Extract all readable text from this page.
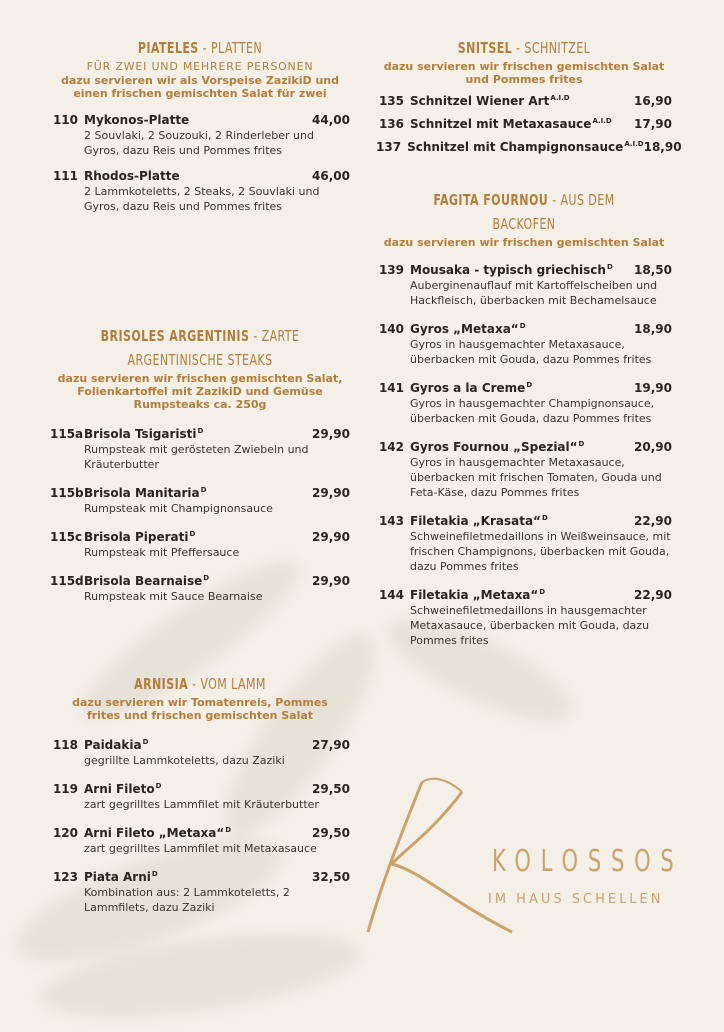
PIATELES - PLATTEN
FÜR ZWEI UND MEHRERE PERSONEN
dazu servieren wir als Vorspeise ZazikiD und einen frischen gemischten Salat für zwei
110 Mykonos-Platte	44,00
2 Souvlaki, 2 Souzouki, 2 Rinderleber und Gyros, dazu Reis und Pommes frites
111 Rhodos-Platte	46,00
2 Lammkoteletts, 2 Steaks, 2 Souvlaki und Gyros, dazu Reis und Pommes frites
BRISOLES ARGENTINIS - ZARTE
ARGENTINISCHE STEAKS
dazu servieren wir frischen gemischten Salat, Folienkartoffel mit ZazikiD und Gemüse
Rumpsteaks ca. 250g
115a Brisola Tsigaristi$^D$	29,90
Rumpsteak mit gerösteten Zwiebeln und Kräuterbutter
115b Brisola Manitaria$^D$	29,90
Rumpsteak mit Champignonsauce
115c Brisola Piperati$^D$	29,90
Rumpsteak mit Pfeffersauce
115d Brisola Bearnaise$^D$	29,90
Rumpsteak mit Sauce Bearnaise
ARNISIA - VOM LAMM
dazu servieren wir Tomatenreis, Pommes frites und frischen gemischten Salat
118 Paidakia$^D$	27,90
gegrillte Lammkoteletts, dazu Zaziki
119 Arni Fileto$^D$	29,50
zart gegrilltes Lammfilet mit Kräuterbutter
120 Arni Fileto „Metaxa“$^D$	29,50
zart gegrilltes Lammfilet mit Metaxasauce
123 Piata Arni$^D$	32,50
Kombination aus: 2 Lammkoteletts, 2 Lammfilets, dazu Zaziki
SNITSEL - SCHNITZEL
dazu servieren wir frischen gemischten Salat und Pommes frites
135 Schnitzel Wiener Art$^{A.I.D}$	16,90
136 Schnitzel mit Metaxasauce$^{A.I.D}$	17,90
137 Schnitzel mit Champignonsauce$^{A.I.D}$ 18,90
FAGITA FOURNOU - AUS DEM BACKOFEN
dazu servieren wir frischen gemischten Salat
139 Mousaka - typisch griechisch$^D$	18,50
Auberginenauflauf mit Kartoffelscheiben und Hackfleisch, überbacken mit Bechamelsauce
140 Gyros „Metaxa“$^D$	18,90
Gyros in hausgemachter Metaxasauce, überbacken mit Gouda, dazu Pommes frites
141 Gyros a la Creme$^D$	19,90
Gyros in hausgemachter Champignonsauce, überbacken mit Gouda, dazu Pommes frites
142 Gyros Fournou „Spezial“$^D$	20,90
Gyros in hausgemachter Metaxasauce, überbacken mit frischen Tomaten, Gouda und Feta-Käse, dazu Pommes frites
143 Filetakia „Krasata“$^D$	22,90
Schweinefiletmedaillons in Weißweinsauce, mit frischen Champignons, überbacken mit Gouda, dazu Pommes frites
144 Filetakia „Metaxa“$^D$	22,90
Schweinefiletmedaillons in hausgemachter Metaxasauce, überbacken mit Gouda, dazu Pommes frites
KOLOSSOS
IM HAUS SCHELLEN
